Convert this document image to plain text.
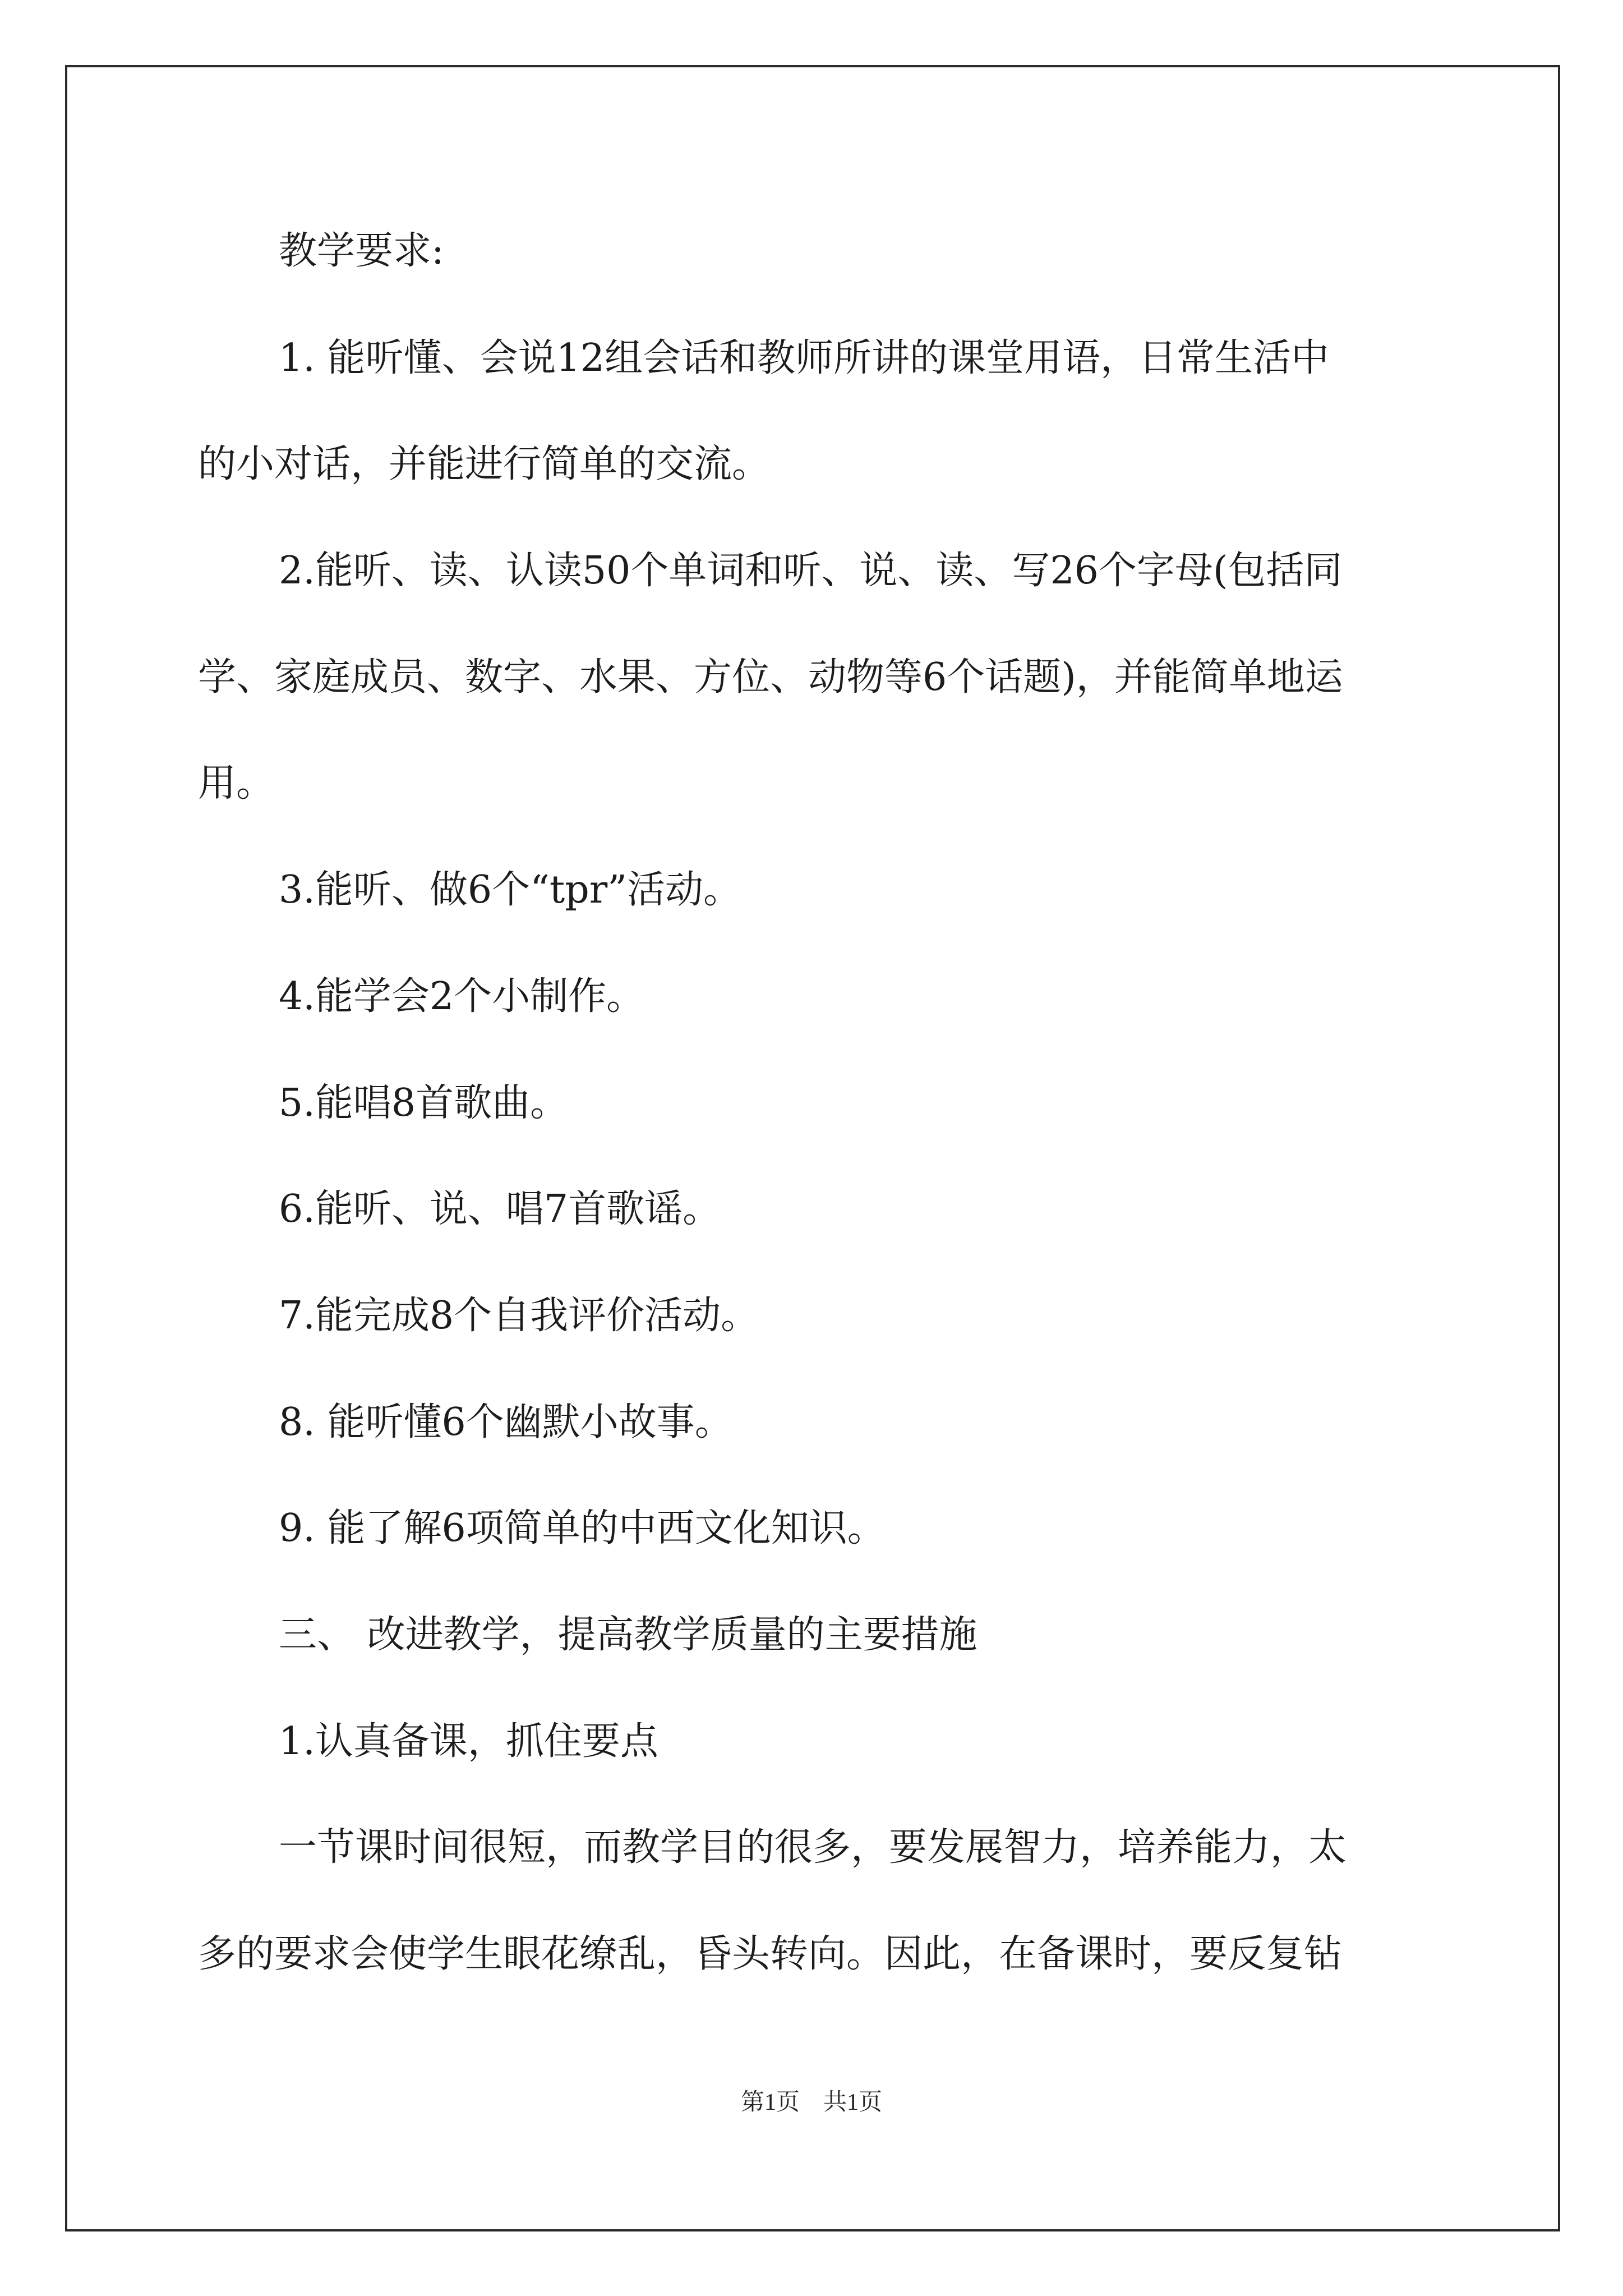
教学要求:
1. 能听懂、会说12组会话和教师所讲的课堂用语，日常生活中
的小对话，并能进行简单的交流。
2.能听、读、认读50个单词和听、说、读、写26个字母(包括同
学、家庭成员、数字、水果、方位、动物等6个话题)，并能简单地运
用。
3.能听、做6个“tpr”活动。
4.能学会2个小制作。
5.能唱8首歌曲。
6.能听、说、唱7首歌谣。
7.能完成8个自我评价活动。
8. 能听懂6个幽默小故事。
9. 能了解6项简单的中西文化知识。
三、 改进教学，提高教学质量的主要措施
1.认真备课，抓住要点
一节课时间很短，而教学目的很多，要发展智力，培养能力，太
多的要求会使学生眼花缭乱，昏头转向。因此，在备课时，要反复钻
第1页　共1页
